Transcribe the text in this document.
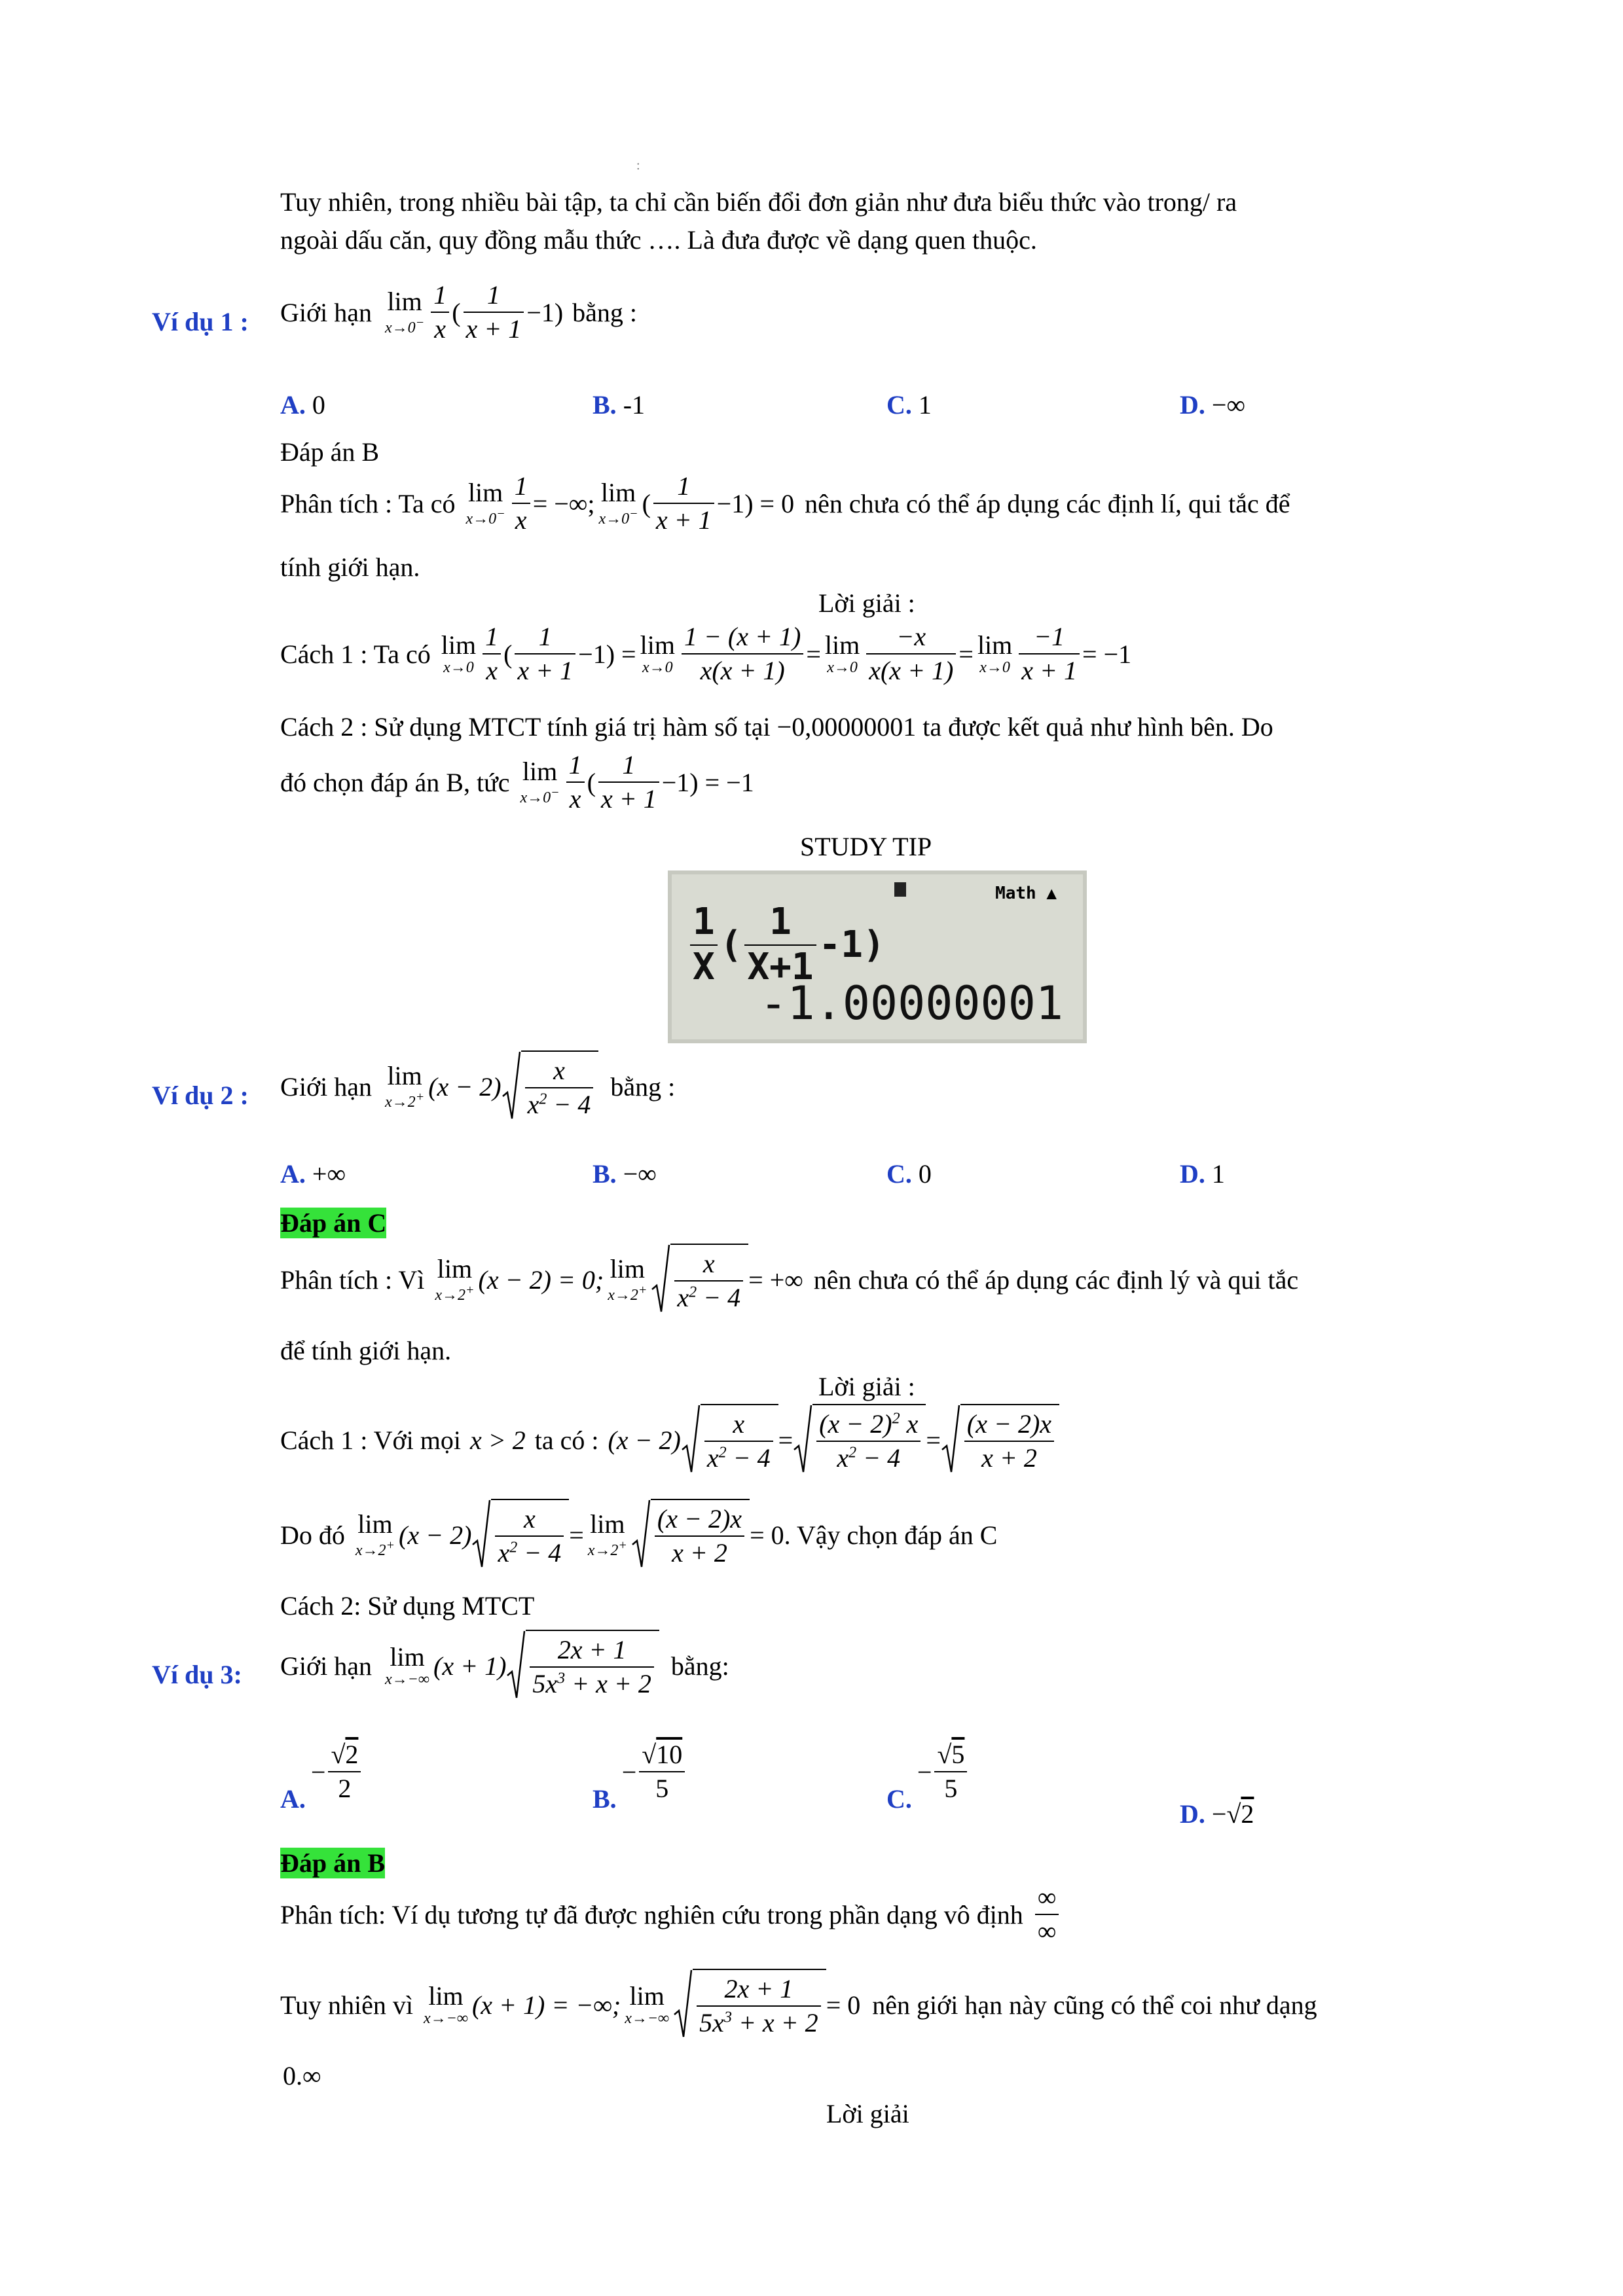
:
Tuy nhiên, trong nhiều bài tập, ta chỉ cần biến đổi đơn giản như đưa biểu thức vào trong/ ra
ngoài dấu căn, quy đồng mẫu thức …. Là đưa được về dạng quen thuộc.
Ví dụ 1 : Giới hạn lim
$x\to 0^- \frac{1}{x}$ ( $\frac{1}{x + 1} -1$) bằng :
A. 0	B. -1	C. 1	D. −∞
Đáp án B
Phân tích : Ta có lim
$x\to 0^- \frac{1}{x}$ = −∞; lim
x→0− ( $\frac{1}{x + 1} -1) = 0$ nên chưa có thể áp dụng các định lí, qui tắc để
tính giới hạn.
Lời giải :
Cách 1 : Ta có lim
$x\to 0 \frac{1}{x}$ ( $\frac{1}{x + 1} -1) = \lim$
$x\to 0 \frac{1 - (x + 1)}{x(x + 1)} = \lim$
$x\to 0 \frac{-x}{x(x + 1)} = \lim$
$x\to 0 \frac{-1}{x + 1} = -1$
Cách 2 : Sử dụng MTCT tính giá trị hàm số tại −0,00000001 ta được kết quả như hình bên. Do
đó chọn đáp án B, tức lim
$x\to 0^- \frac{1}{x}$ ( $\frac{1}{x + 1} -1) = -1$
STUDY TIP
Math ▲
$\frac{1}{X}$ ( $\frac{1}{X+1} -1$)
-1.00000001
Ví dụ 2 : Giới hạn lim
x→2+ $(x - 2) \frac{x}{x^2 - 4}$ bằng :
A. +∞	B. −∞	C. 0	D. 1
Đáp án C
Phân tích : Vì lim
x→2+ (x − 2) = 0; lim
$x\to 2^+ \frac{x}{x^2 - 4}$ = +∞ nên chưa có thể áp dụng các định lý và qui tắc
để tính giới hạn.
Lời giải :
Cách 1 : Với mọi x > 2 ta có : $(x - 2) \frac{x}{x^2 - 4} = \frac{(x - 2)^2 x}{x^2 - 4} = \frac{(x - 2)x}{x + 2}$
Do đó lim
x→2+ $(x - 2) \frac{x}{x^2 - 4} = \lim$
$x\to 2^+ \frac{(x - 2)x}{x + 2} = 0$ . Vậy chọn đáp án C
Cách 2: Sử dụng MTCT
Ví dụ 3: Giới hạn lim
x→−∞ $(x + 1) \frac{2x + 1}{5x^3 + x + 2}$ bằng:
A.
− $\frac{√2}{2}$	B.
− $\frac{√10}{5}$	C.
− $\frac{√5}{5}$
D. −√2
Đáp án B
Phân tích: Ví dụ tương tự đã được nghiên cứu trong phần dạng vô định $\frac{\infty}{\infty}$
Tuy nhiên vì lim
x→−∞ (x + 1) = −∞; lim
$x\to-\infty \frac{2x + 1}{5x^3 + x + 2} = 0$ nên giới hạn này cũng có thể coi như dạng
0.∞
Lời giải
